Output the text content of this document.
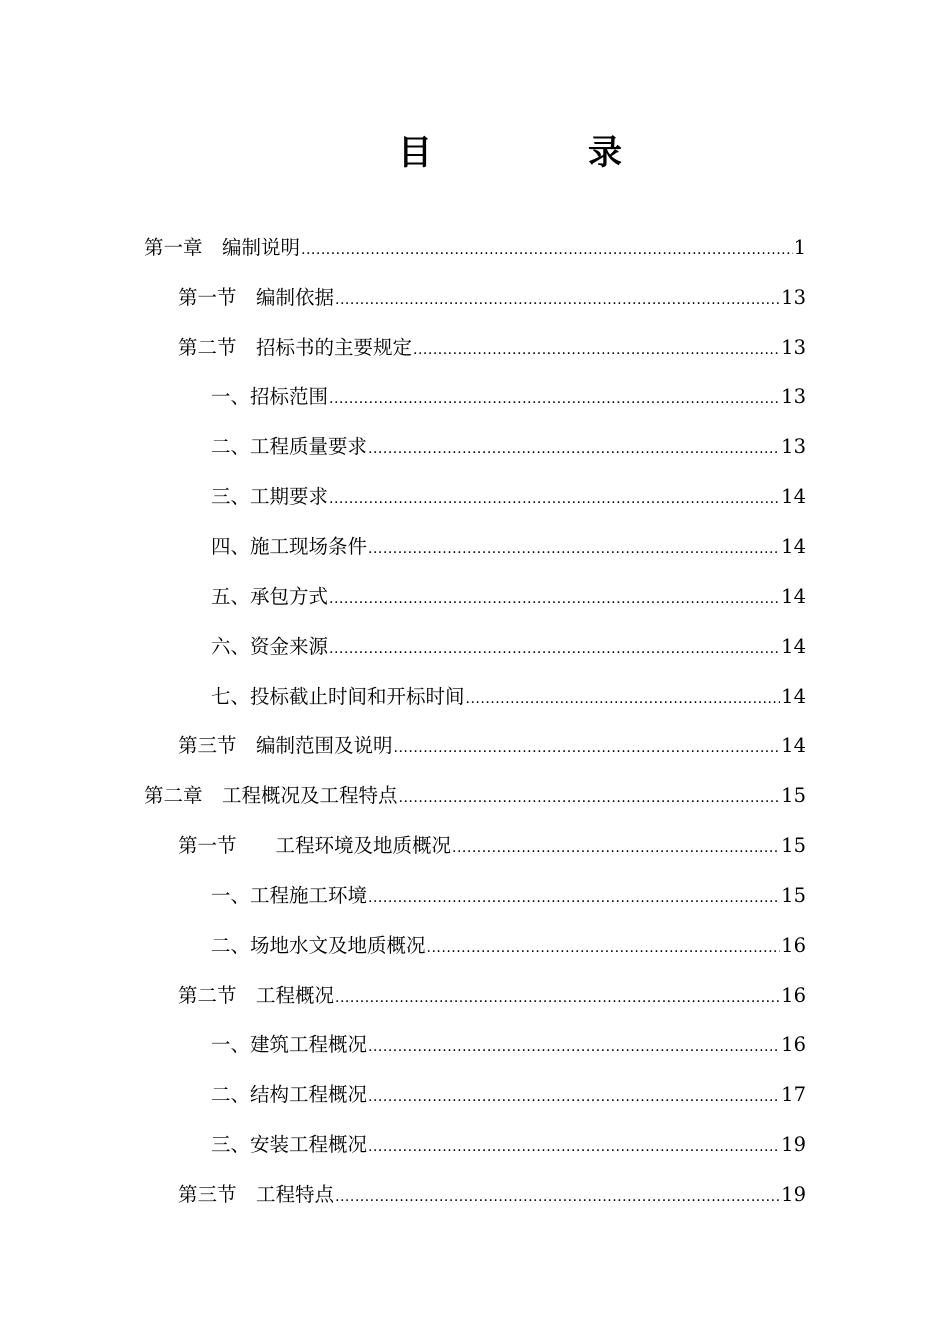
目	录
第一章　编制说明 .....	1
第一节　编制依据 .....	13
第二节　招标书的主要规定 .....	13
一、招标范围 .....	13
二、工程质量要求 .....	13
三、工期要求 .....	14
四、施工现场条件 .....	14
五、承包方式 .....	14
六、资金来源 .....	14
七、投标截止时间和开标时间 .....	14
第三节　编制范围及说明 .....	14
第二章　工程概况及工程特点 .....	15
第一节　　工程环境及地质概况 .....	15
一、工程施工环境 .....	15
二、场地水文及地质概况 .....	16
第二节　工程概况 .....	16
一、建筑工程概况 .....	16
二、结构工程概况 .....	17
三、安装工程概况 .....	19
第三节　工程特点 .....	19
